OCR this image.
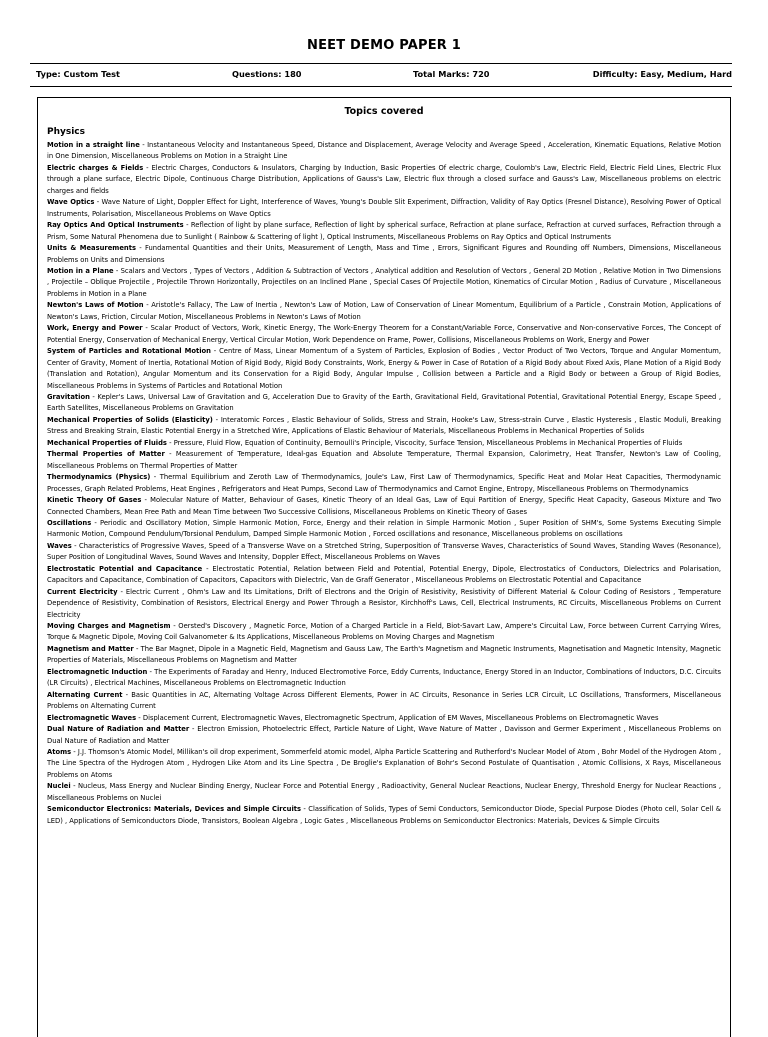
NEET DEMO PAPER 1
Type: Custom Test	Questions: 180	Total Marks: 720	Difficulty: Easy, Medium, Hard
Topics covered
Physics

Motion in a straight line - Instantaneous Velocity and Instantaneous Speed, Distance and Displacement, Average Velocity and Average Speed , Acceleration, Kinematic Equations, Relative Motion in One Dimension, Miscellaneous Problems on Motion in a Straight Line

Electric charges & Fields - Electric Charges, Conductors & Insulators, Charging by Induction, Basic Properties Of electric charge, Coulomb's Law, Electric Field, Electric Field Lines, Electric Flux through a plane surface, Electric Dipole, Continuous Charge Distribution, Applications of Gauss's Law, Electric flux through a closed surface and Gauss's Law, Miscellaneous problems on electric charges and fields

Wave Optics - Wave Nature of Light, Doppler Effect for Light, Interference of Waves, Young's Double Slit Experiment, Diffraction, Validity of Ray Optics (Fresnel Distance), Resolving Power of Optical Instruments, Polarisation, Miscellaneous Problems on Wave Optics

Ray Optics And Optical Instruments - Reflection of light by plane surface, Reflection of light by spherical surface, Refraction at plane surface, Refraction at curved surfaces, Refraction through a Prism, Some Natural Phenomena due to Sunlight ( Rainbow & Scattering of light ), Optical Instruments, Miscellaneous Problems on Ray Optics and Optical Instruments

Units & Measurements - Fundamental Quantities and their Units, Measurement of Length, Mass and Time , Errors, Significant Figures and Rounding off Numbers, Dimensions, Miscellaneous Problems on Units and Dimensions

Motion in a Plane - Scalars and Vectors , Types of Vectors , Addition & Subtraction of Vectors , Analytical addition and Resolution of Vectors , General 2D Motion , Relative Motion in Two Dimensions , Projectile – Oblique Projectile , Projectile Thrown Horizontally, Projectiles on an Inclined Plane , Special Cases Of Projectile Motion, Kinematics of Circular Motion , Radius of Curvature , Miscellaneous Problems in Motion in a Plane

Newton's Laws of Motion - Aristotle's Fallacy, The Law of Inertia , Newton's Law of Motion, Law of Conservation of Linear Momentum, Equilibrium of a Particle , Constrain Motion, Applications of Newton's Laws, Friction, Circular Motion, Miscellaneous Problems in Newton's Laws of Motion

Work, Energy and Power - Scalar Product of Vectors, Work, Kinetic Energy, The Work-Energy Theorem for a Constant/Variable Force, Conservative and Non-conservative Forces, The Concept of Potential Energy, Conservation of Mechanical Energy, Vertical Circular Motion, Work Dependence on Frame, Power, Collisions, Miscellaneous Problems on Work, Energy and Power

System of Particles and Rotational Motion - Centre of Mass, Linear Momentum of a System of Particles, Explosion of Bodies , Vector Product of Two Vectors, Torque and Angular Momentum, Center of Gravity, Moment of Inertia, Rotational Motion of Rigid Body, Rigid Body Constraints, Work, Energy & Power in Case of Rotation of a Rigid Body about Fixed Axis, Plane Motion of a Rigid Body (Translation and Rotation), Angular Momentum and its Conservation for a Rigid Body, Angular Impulse , Collision between a Particle and a Rigid Body or between a Group of Rigid Bodies, Miscellaneous Problems in Systems of Particles and Rotational Motion

Gravitation - Kepler's Laws, Universal Law of Gravitation and G, Acceleration Due to Gravity of the Earth, Gravitational Field, Gravitational Potential, Gravitational Potential Energy, Escape Speed , Earth Satellites, Miscellaneous Problems on Gravitation

Mechanical Properties of Solids (Elasticity) - Interatomic Forces , Elastic Behaviour of Solids, Stress and Strain, Hooke's Law, Stress-strain Curve , Elastic Hysteresis , Elastic Moduli, Breaking Stress and Breaking Strain, Elastic Potential Energy in a Stretched Wire, Applications of Elastic Behaviour of Materials, Miscellaneous Problems in Mechanical Properties of Solids

Mechanical Properties of Fluids - Pressure, Fluid Flow, Equation of Continuity, Bernoulli's Principle, Viscocity, Surface Tension, Miscellaneous Problems in Mechanical Properties of Fluids

Thermal Properties of Matter - Measurement of Temperature, Ideal-gas Equation and Absolute Temperature, Thermal Expansion, Calorimetry, Heat Transfer, Newton's Law of Cooling, Miscellaneous Problems on Thermal Properties of Matter

Thermodynamics (Physics) - Thermal Equilibrium and Zeroth Law of Thermodynamics, Joule's Law, First Law of Thermodynamics, Specific Heat and Molar Heat Capacities, Thermodynamic Processes, Graph Related Problems, Heat Engines , Refrigerators and Heat Pumps, Second Law of Thermodynamics and Carnot Engine, Entropy, Miscellaneous Problems on Thermodynamics

Kinetic Theory Of Gases - Molecular Nature of Matter, Behaviour of Gases, Kinetic Theory of an Ideal Gas, Law of Equi Partition of Energy, Specific Heat Capacity, Gaseous Mixture and Two Connected Chambers, Mean Free Path and Mean Time between Two Successive Collisions, Miscellaneous Problems on Kinetic Theory of Gases

Oscillations - Periodic and Oscillatory Motion, Simple Harmonic Motion, Force, Energy and their relation in Simple Harmonic Motion , Super Position of SHM's, Some Systems Executing Simple Harmonic Motion, Compound Pendulum/Torsional Pendulum, Damped Simple Harmonic Motion , Forced oscillations and resonance, Miscellaneous problems on oscillations

Waves - Characteristics of Progressive Waves, Speed of a Transverse Wave on a Stretched String, Superposition of Transverse Waves, Characteristics of Sound Waves, Standing Waves (Resonance), Super Position of Longitudinal Waves, Sound Waves and Intensity, Doppler Effect, Miscellaneous Problems on Waves

Electrostatic Potential and Capacitance - Electrostatic Potential, Relation between Field and Potential, Potential Energy, Dipole, Electrostatics of Conductors, Dielectrics and Polarisation, Capacitors and Capacitance, Combination of Capacitors, Capacitors with Dielectric, Van de Graff Generator , Miscellaneous Problems on Electrostatic Potential and Capacitance

Current Electricity - Electric Current , Ohm's Law and Its Limitations, Drift of Electrons and the Origin of Resistivity, Resistivity of Different Material & Colour Coding of Resistors , Temperature Dependence of Resistivity, Combination of Resistors, Electrical Energy and Power Through a Resistor, Kirchhoff's Laws, Cell, Electrical Instruments, RC Circuits, Miscellaneous Problems on Current Electricity

Moving Charges and Magnetism - Oersted's Discovery , Magnetic Force, Motion of a Charged Particle in a Field, Biot-Savart Law, Ampere's Circuital Law, Force between Current Carrying Wires, Torque & Magnetic Dipole, Moving Coil Galvanometer & Its Applications, Miscellaneous Problems on Moving Charges and Magnetism

Magnetism and Matter - The Bar Magnet, Dipole in a Magnetic Field, Magnetism and Gauss Law, The Earth's Magnetism and Magnetic Instruments, Magnetisation and Magnetic Intensity, Magnetic Properties of Materials, Miscellaneous Problems on Magnetism and Matter

Electromagnetic Induction - The Experiments of Faraday and Henry, Induced Electromotive Force, Eddy Currents, Inductance, Energy Stored in an Inductor, Combinations of Inductors, D.C. Circuits (LR Circuits) , Electrical Machines, Miscellaneous Problems on Electromagnetic Induction

Alternating Current - Basic Quantities in AC, Alternating Voltage Across Different Elements, Power in AC Circuits, Resonance in Series LCR Circuit, LC Oscillations, Transformers, Miscellaneous Problems on Alternating Current

Electromagnetic Waves - Displacement Current, Electromagnetic Waves, Electromagnetic Spectrum, Application of EM Waves, Miscellaneous Problems on Electromagnetic Waves

Dual Nature of Radiation and Matter - Electron Emission, Photoelectric Effect, Particle Nature of Light, Wave Nature of Matter , Davisson and Germer Experiment , Miscellaneous Problems on Dual Nature of Radiation and Matter

Atoms - J.J. Thomson's Atomic Model, Millikan's oil drop experiment, Sommerfeld atomic model, Alpha Particle Scattering and Rutherford's Nuclear Model of Atom , Bohr Model of the Hydrogen Atom , The Line Spectra of the Hydrogen Atom , Hydrogen Like Atom and its Line Spectra , De Broglie's Explanation of Bohr's Second Postulate of Quantisation , Atomic Collisions, X Rays, Miscellaneous Problems on Atoms

Nuclei - Nucleus, Mass Energy and Nuclear Binding Energy, Nuclear Force and Potential Energy , Radioactivity, General Nuclear Reactions, Nuclear Energy, Threshold Energy for Nuclear Reactions , Miscellaneous Problems on Nuclei

Semiconductor Electronics: Materials, Devices and Simple Circuits - Classification of Solids, Types of Semi Conductors, Semiconductor Diode, Special Purpose Diodes (Photo cell, Solar Cell & LED) , Applications of Semiconductors Diode, Transistors, Boolean Algebra , Logic Gates , Miscellaneous Problems on Semiconductor Electronics: Materials, Devices & Simple Circuits
